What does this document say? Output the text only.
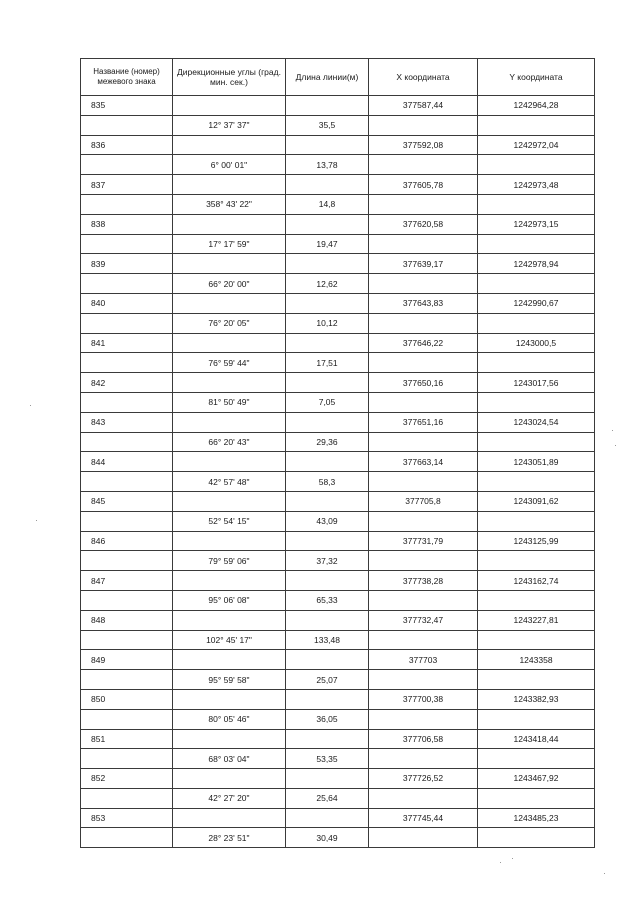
Название (номер) межевого знака	Дирекционные углы (град. мин. сек.)	Длина линии(м)	X координата	Y координата
835			377587,44	1242964,28
	12° 37' 37"	35,5		
836			377592,08	1242972,04
	6° 00' 01"	13,78		
837			377605,78	1242973,48
	358° 43' 22"	14,8		
838			377620,58	1242973,15
	17° 17' 59"	19,47		
839			377639,17	1242978,94
	66° 20' 00"	12,62		
840			377643,83	1242990,67
	76° 20' 05"	10,12		
841			377646,22	1243000,5
	76° 59' 44"	17,51		
842			377650,16	1243017,56
	81° 50' 49"	7,05		
843			377651,16	1243024,54
	66° 20' 43"	29,36		
844			377663,14	1243051,89
	42° 57' 48"	58,3		
845			377705,8	1243091,62
	52° 54' 15"	43,09		
846			377731,79	1243125,99
	79° 59' 06"	37,32		
847			377738,28	1243162,74
	95° 06' 08"	65,33		
848			377732,47	1243227,81
	102° 45' 17"	133,48		
849			377703	1243358
	95° 59' 58"	25,07		
850			377700,38	1243382,93
	80° 05' 46"	36,05		
851			377706,58	1243418,44
	68° 03' 04"	53,35		
852			377726,52	1243467,92
	42° 27' 20"	25,64		
853			377745,44	1243485,23
	28° 23' 51"	30,49		
